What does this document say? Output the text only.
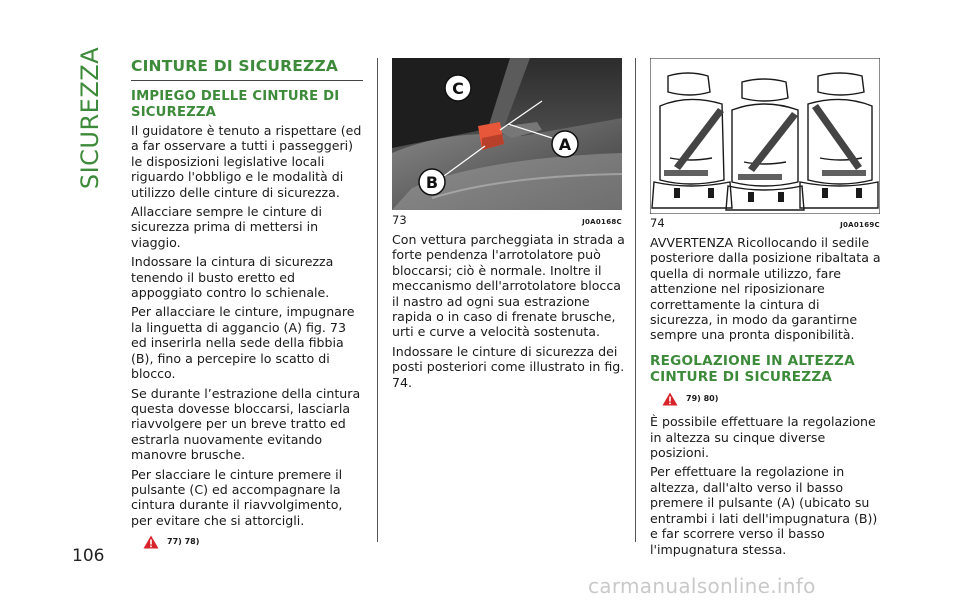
SICUREZZA
106
CINTURE DI SICUREZZA
IMPIEGO DELLE CINTURE DI SICUREZZA

Il guidatore è tenuto a rispettare (ed a far osservare a tutti i passeggeri) le disposizioni legislative locali riguardo l'obbligo e le modalità di utilizzo delle cinture di sicurezza.

Allacciare sempre le cinture di sicurezza prima di mettersi in viaggio.

Indossare la cintura di sicurezza tenendo il busto eretto ed appoggiato contro lo schienale.

Per allacciare le cinture, impugnare la linguetta di aggancio (A) fig. 73 ed inserirla nella sede della fibbia (B), fino a percepire lo scatto di blocco.

Se durante l’estrazione della cintura questa dovesse bloccarsi, lasciarla riavvolgere per un breve tratto ed estrarla nuovamente evitando manovre brusche.

Per slacciare le cinture premere il pulsante (C) ed accompagnare la cintura durante il riavvolgimento, per evitare che si attorcigli.

77) 78)
C
A
B
73	J0A0168C

Con vettura parcheggiata in strada a forte pendenza l'arrotolatore può bloccarsi; ciò è normale. Inoltre il meccanismo dell'arrotolatore blocca il nastro ad ogni sua estrazione rapida o in caso di frenate brusche, urti e curve a velocità sostenuta.

Indossare le cinture di sicurezza dei posti posteriori come illustrato in fig. 74.

74	J0A0169C

AVVERTENZA Ricollocando il sedile posteriore dalla posizione ribaltata a quella di normale utilizzo, fare attenzione nel riposizionare correttamente la cintura di sicurezza, in modo da garantirne sempre una pronta disponibilità.

REGOLAZIONE IN ALTEZZA CINTURE DI SICUREZZA
79) 80)

È possibile effettuare la regolazione in altezza su cinque diverse posizioni.

Per effettuare la regolazione in altezza, dall'alto verso il basso premere il pulsante (A) (ubicato su entrambi i lati dell'impugnatura (B)) e far scorrere verso il basso l'impugnatura stessa.

carmanualsonline.info
